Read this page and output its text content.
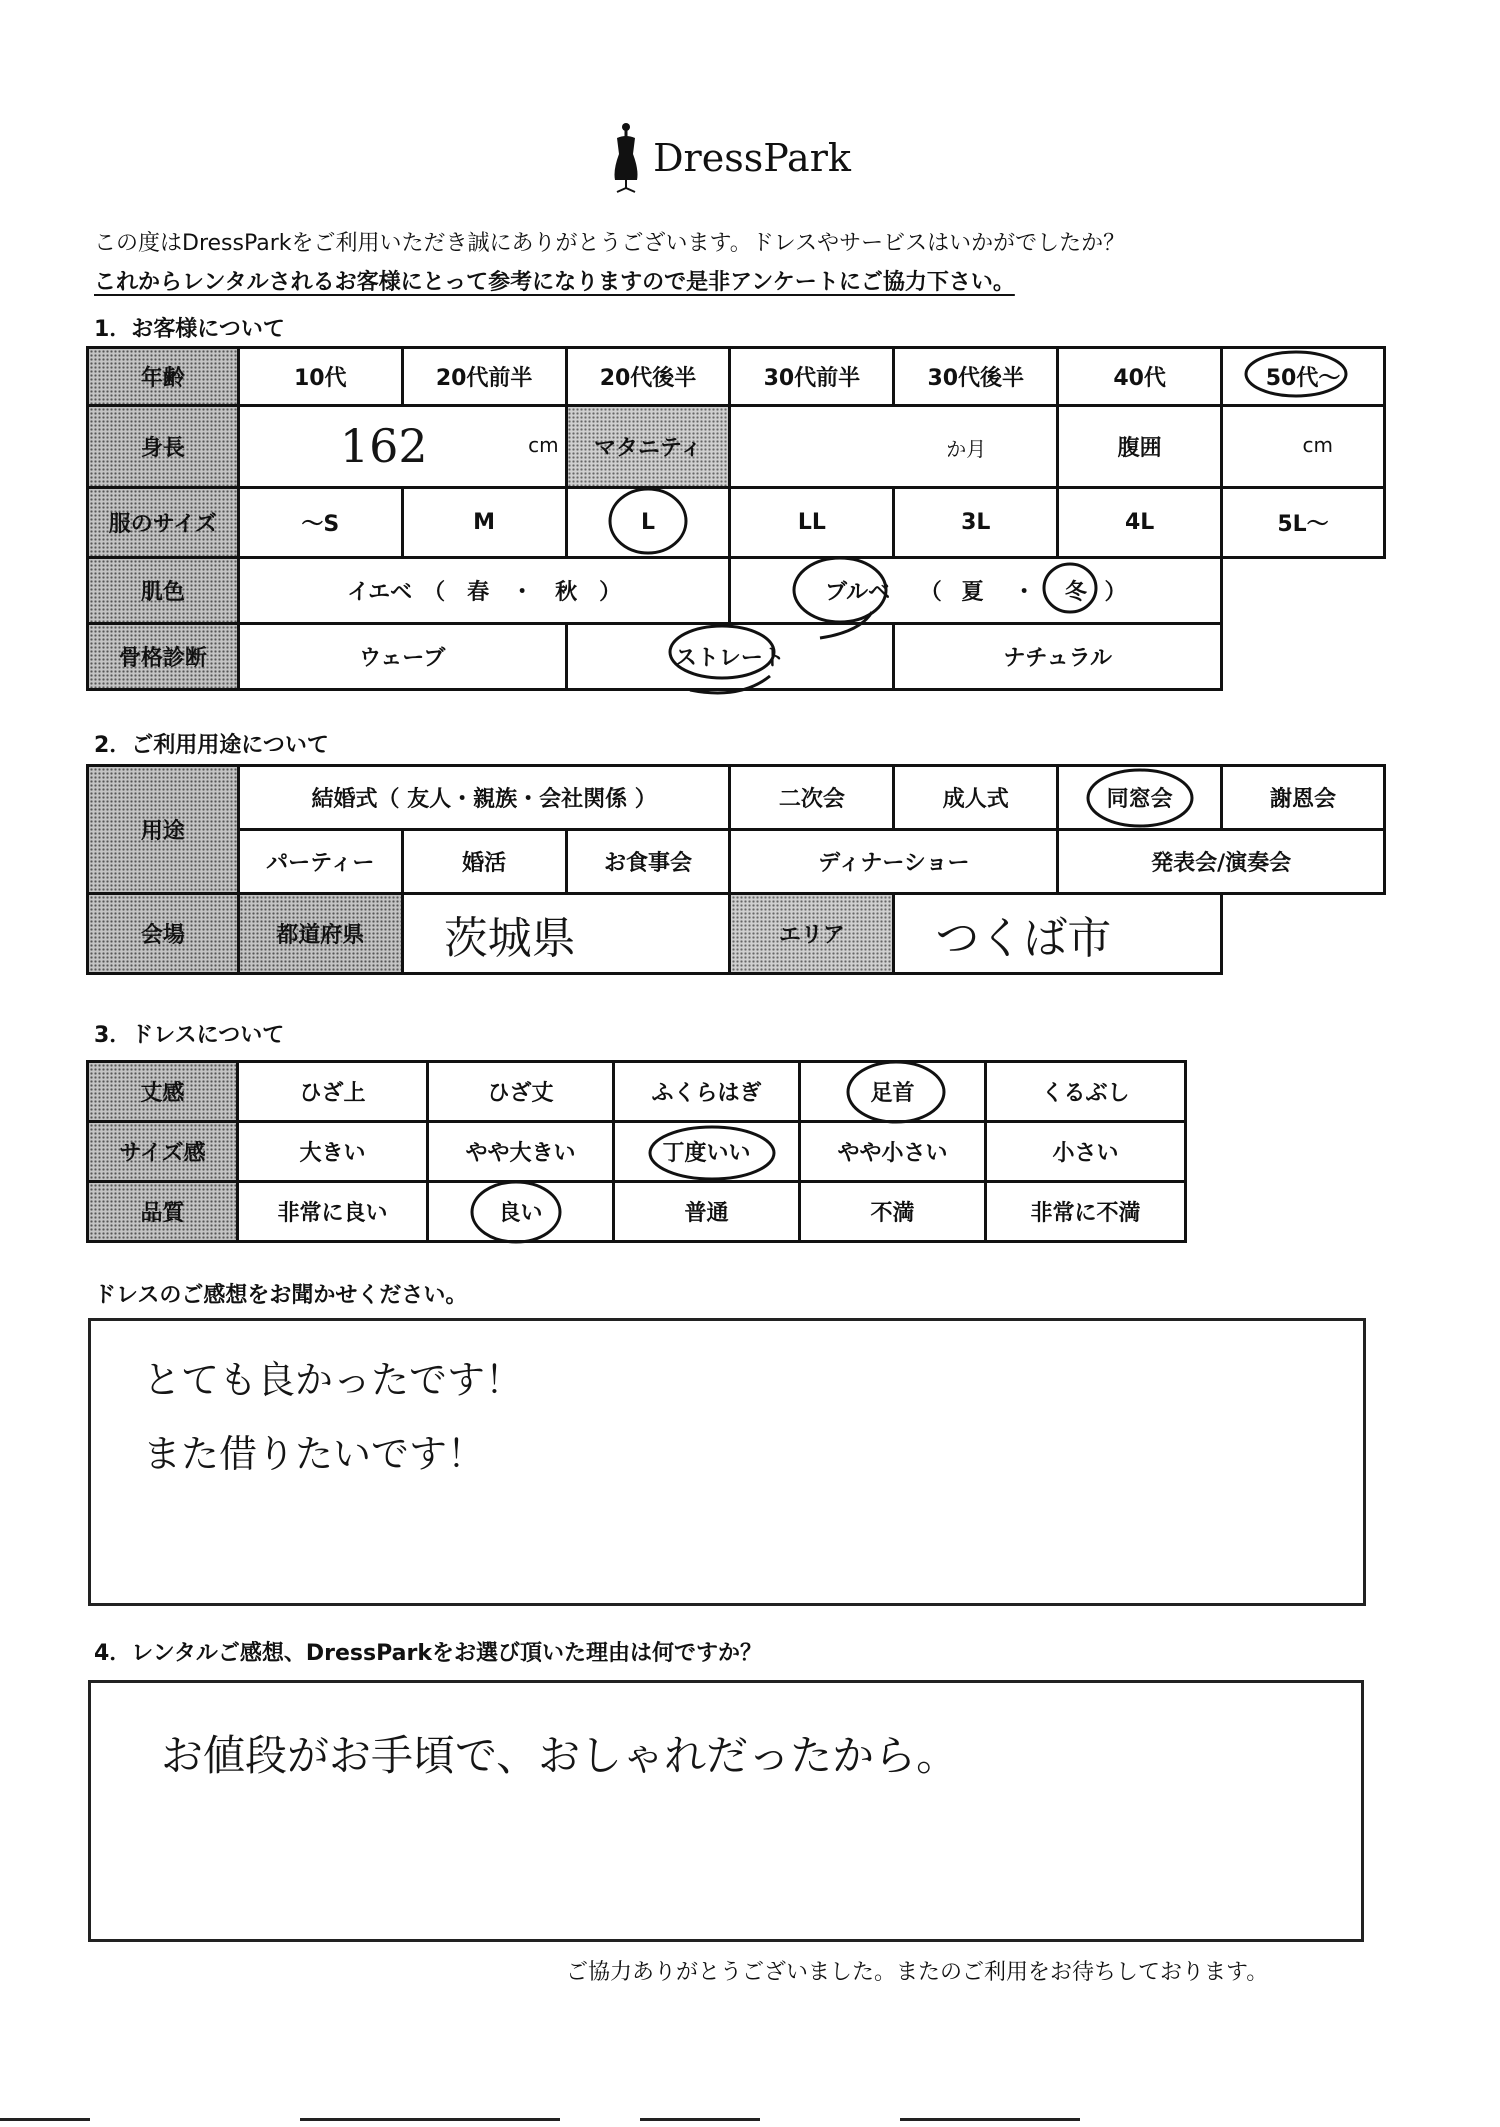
DressPark
この度はDressParkをご利用いただき誠にありがとうございます。ドレスやサービスはいかがでしたか？
これからレンタルされるお客様にとって参考になりますので是非アンケートにご協力下さい。
1．お客様について
年齢	10代	20代前半	20代後半	30代前半	30代後半	40代	50代～
身長	162 cm		マタニティ	か月		腹囲	cm

服のサイズ	～S	M	L	LL	3L	4L	5L～
肌色	イエベ　（　春　・　秋　）			ブルベ （ 夏 ・ 冬 ）			
骨格診断	ウェーブ		ストレート		ナチュラル		
2．ご利用用途について
用途	結婚式（ 友人・親族・会社関係 ）			二次会	成人式	同窓会	謝恩会
	パーティー	婚活	お食事会	ディナーショー		発表会/演奏会	
会場	都道府県	茨城県		エリア	つくば市		
3．ドレスについて
丈感	ひざ上	ひざ丈	ふくらはぎ	足首	くるぶし
サイズ感	大きい	やや大きい	丁度いい	やや小さい	小さい
品質	非常に良い	良い	普通	不満	非常に不満
ドレスのご感想をお聞かせください。
とても良かったです！
また借りたいです！
4．レンタルご感想、DressParkをお選び頂いた理由は何ですか？
お値段がお手頃で、おしゃれだったから。
ご協力ありがとうございました。またのご利用をお待ちしております。
